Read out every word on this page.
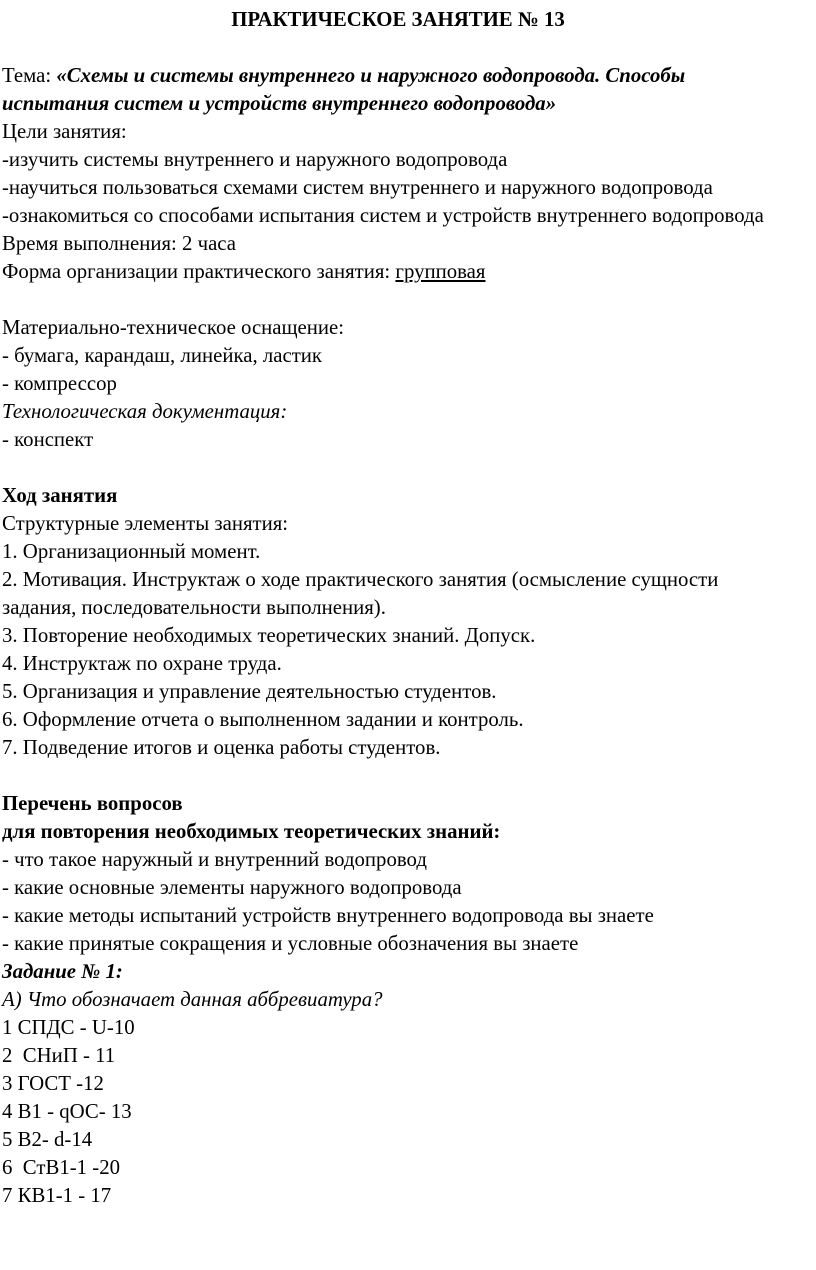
ПРАКТИЧЕСКОЕ ЗАНЯТИЕ № 13

Тема: «Схемы и системы внутреннего и наружного водопровода. Способы испытания систем и устройств внутреннего водопровода»

Цели занятия:

-изучить системы внутреннего и наружного водопровода

-научиться пользоваться схемами систем внутреннего и наружного водопровода

-ознакомиться со способами испытания систем и устройств внутреннего водопровода

Время выполнения: 2 часа

Форма организации практического занятия: групповая

Материально-техническое оснащение:

- бумага, карандаш, линейка, ластик

- компрессор

Технологическая документация:

- конспект

Ход занятия

Структурные элементы занятия:

1. Организационный момент.

2. Мотивация. Инструктаж о ходе практического занятия (осмысление сущности задания, последовательности выполнения).

3. Повторение необходимых теоретических знаний. Допуск.

4. Инструктаж по охране труда.

5. Организация и управление деятельностью студентов.

6. Оформление отчета о выполненном задании и контроль.

7. Подведение итогов и оценка работы студентов.

Перечень вопросов

для повторения необходимых теоретических знаний:

- что такое наружный и внутренний водопровод

- какие основные элементы наружного водопровода

- какие методы испытаний устройств внутреннего водопровода вы знаете

- какие принятые сокращения и условные обозначения вы знаете

Задание № 1:

А) Что обозначает данная аббревиатура?

1 СПДС - U-10

2  СНиП - 11

3 ГОСТ -12

4 В1 - qОС- 13

5 В2- d-14

6  СтВ1-1 -20

7 КВ1-1 - 17
